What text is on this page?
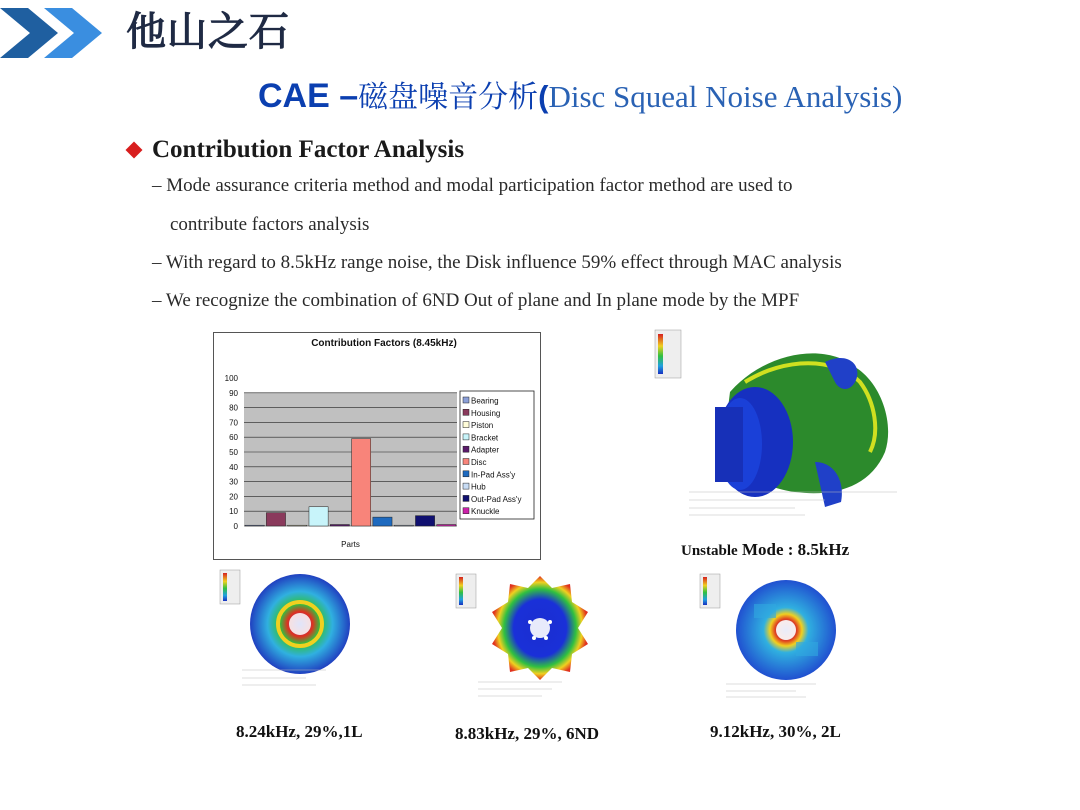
他山之石
CAE –磁盘噪音分析(Disc Squeal Noise Analysis)
Contribution Factor Analysis
– Mode assurance criteria method and modal participation factor method are used to
contribute factors analysis
– With regard to 8.5kHz range noise, the Disk influence 59% effect through MAC analysis
– We recognize the combination of 6ND Out of plane and In plane mode by the MPF
Contribution Factors (8.45kHz)
0
10
20
30
40
50
60
70
80
90
100
Parts
Bearing
Housing
Piston
Bracket
Adapter
Disc
In-Pad Ass'y
Hub
Out-Pad Ass'y
Knuckle
Unstable Mode : 8.5kHz
8.24kHz, 29%,1L	8.83kHz, 29%, 6ND	9.12kHz, 30%, 2L
